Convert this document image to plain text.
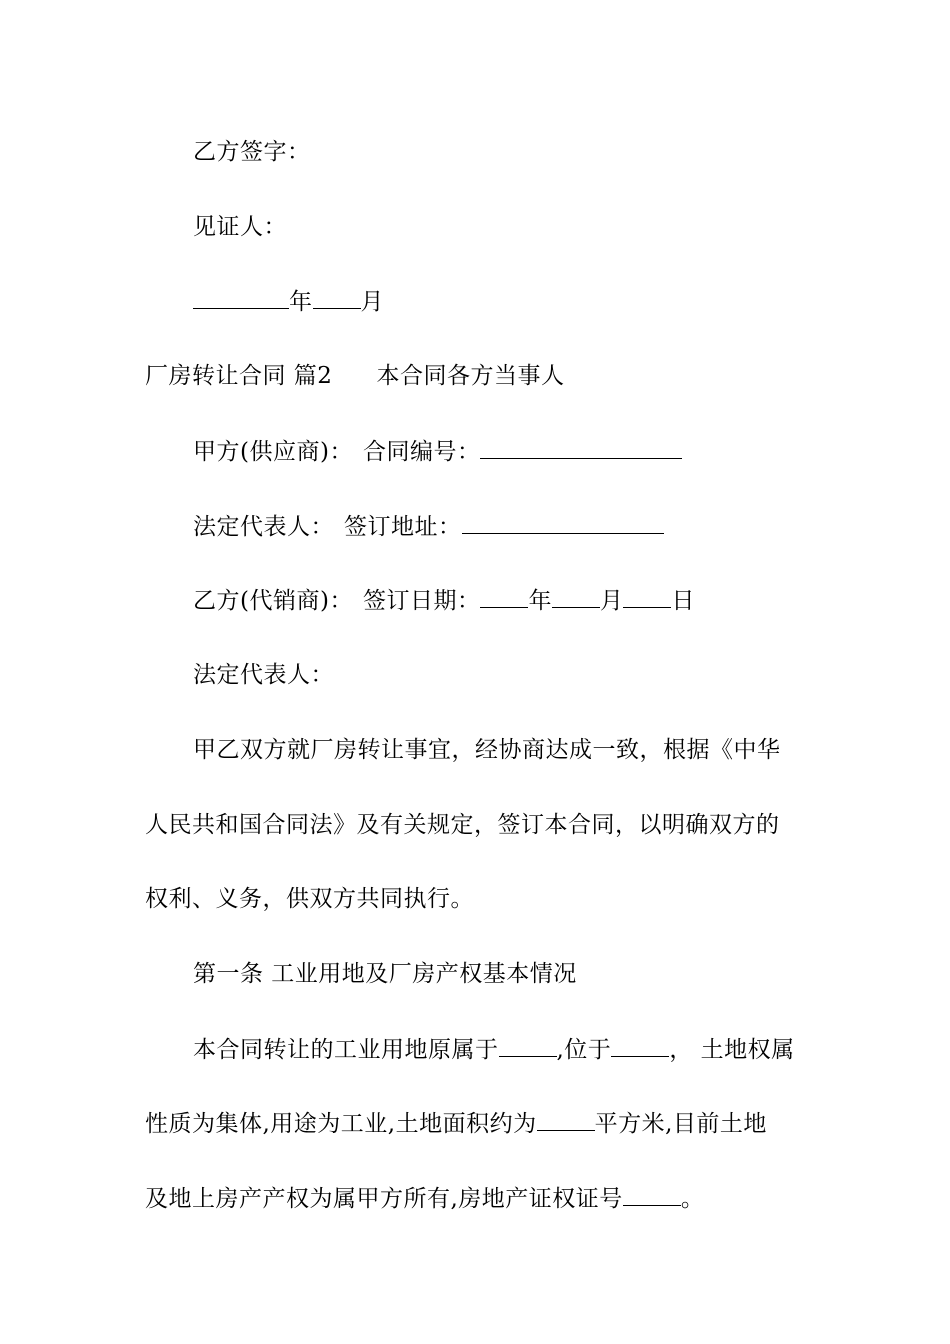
乙方签字：
见证人：
年 月
厂房转让合同 篇2 本合同各方当事人
甲方(供应商)： 合同编号：
法定代表人： 签订地址：
乙方(代销商)： 签订日期： 年 月 日
法定代表人：
甲乙双方就厂房转让事宜，经协商达成一致，根据《中华
人民共和国合同法》及有关规定，签订本合同，以明确双方的
权利、义务，供双方共同执行。
第一条 工业用地及厂房产权基本情况
本合同转让的工业用地原属于	,位于	， 土地权属
性质为集体,用途为工业,土地面积约为	平方米,目前土地
及地上房产产权为属甲方所有,房地产证权证号	。
